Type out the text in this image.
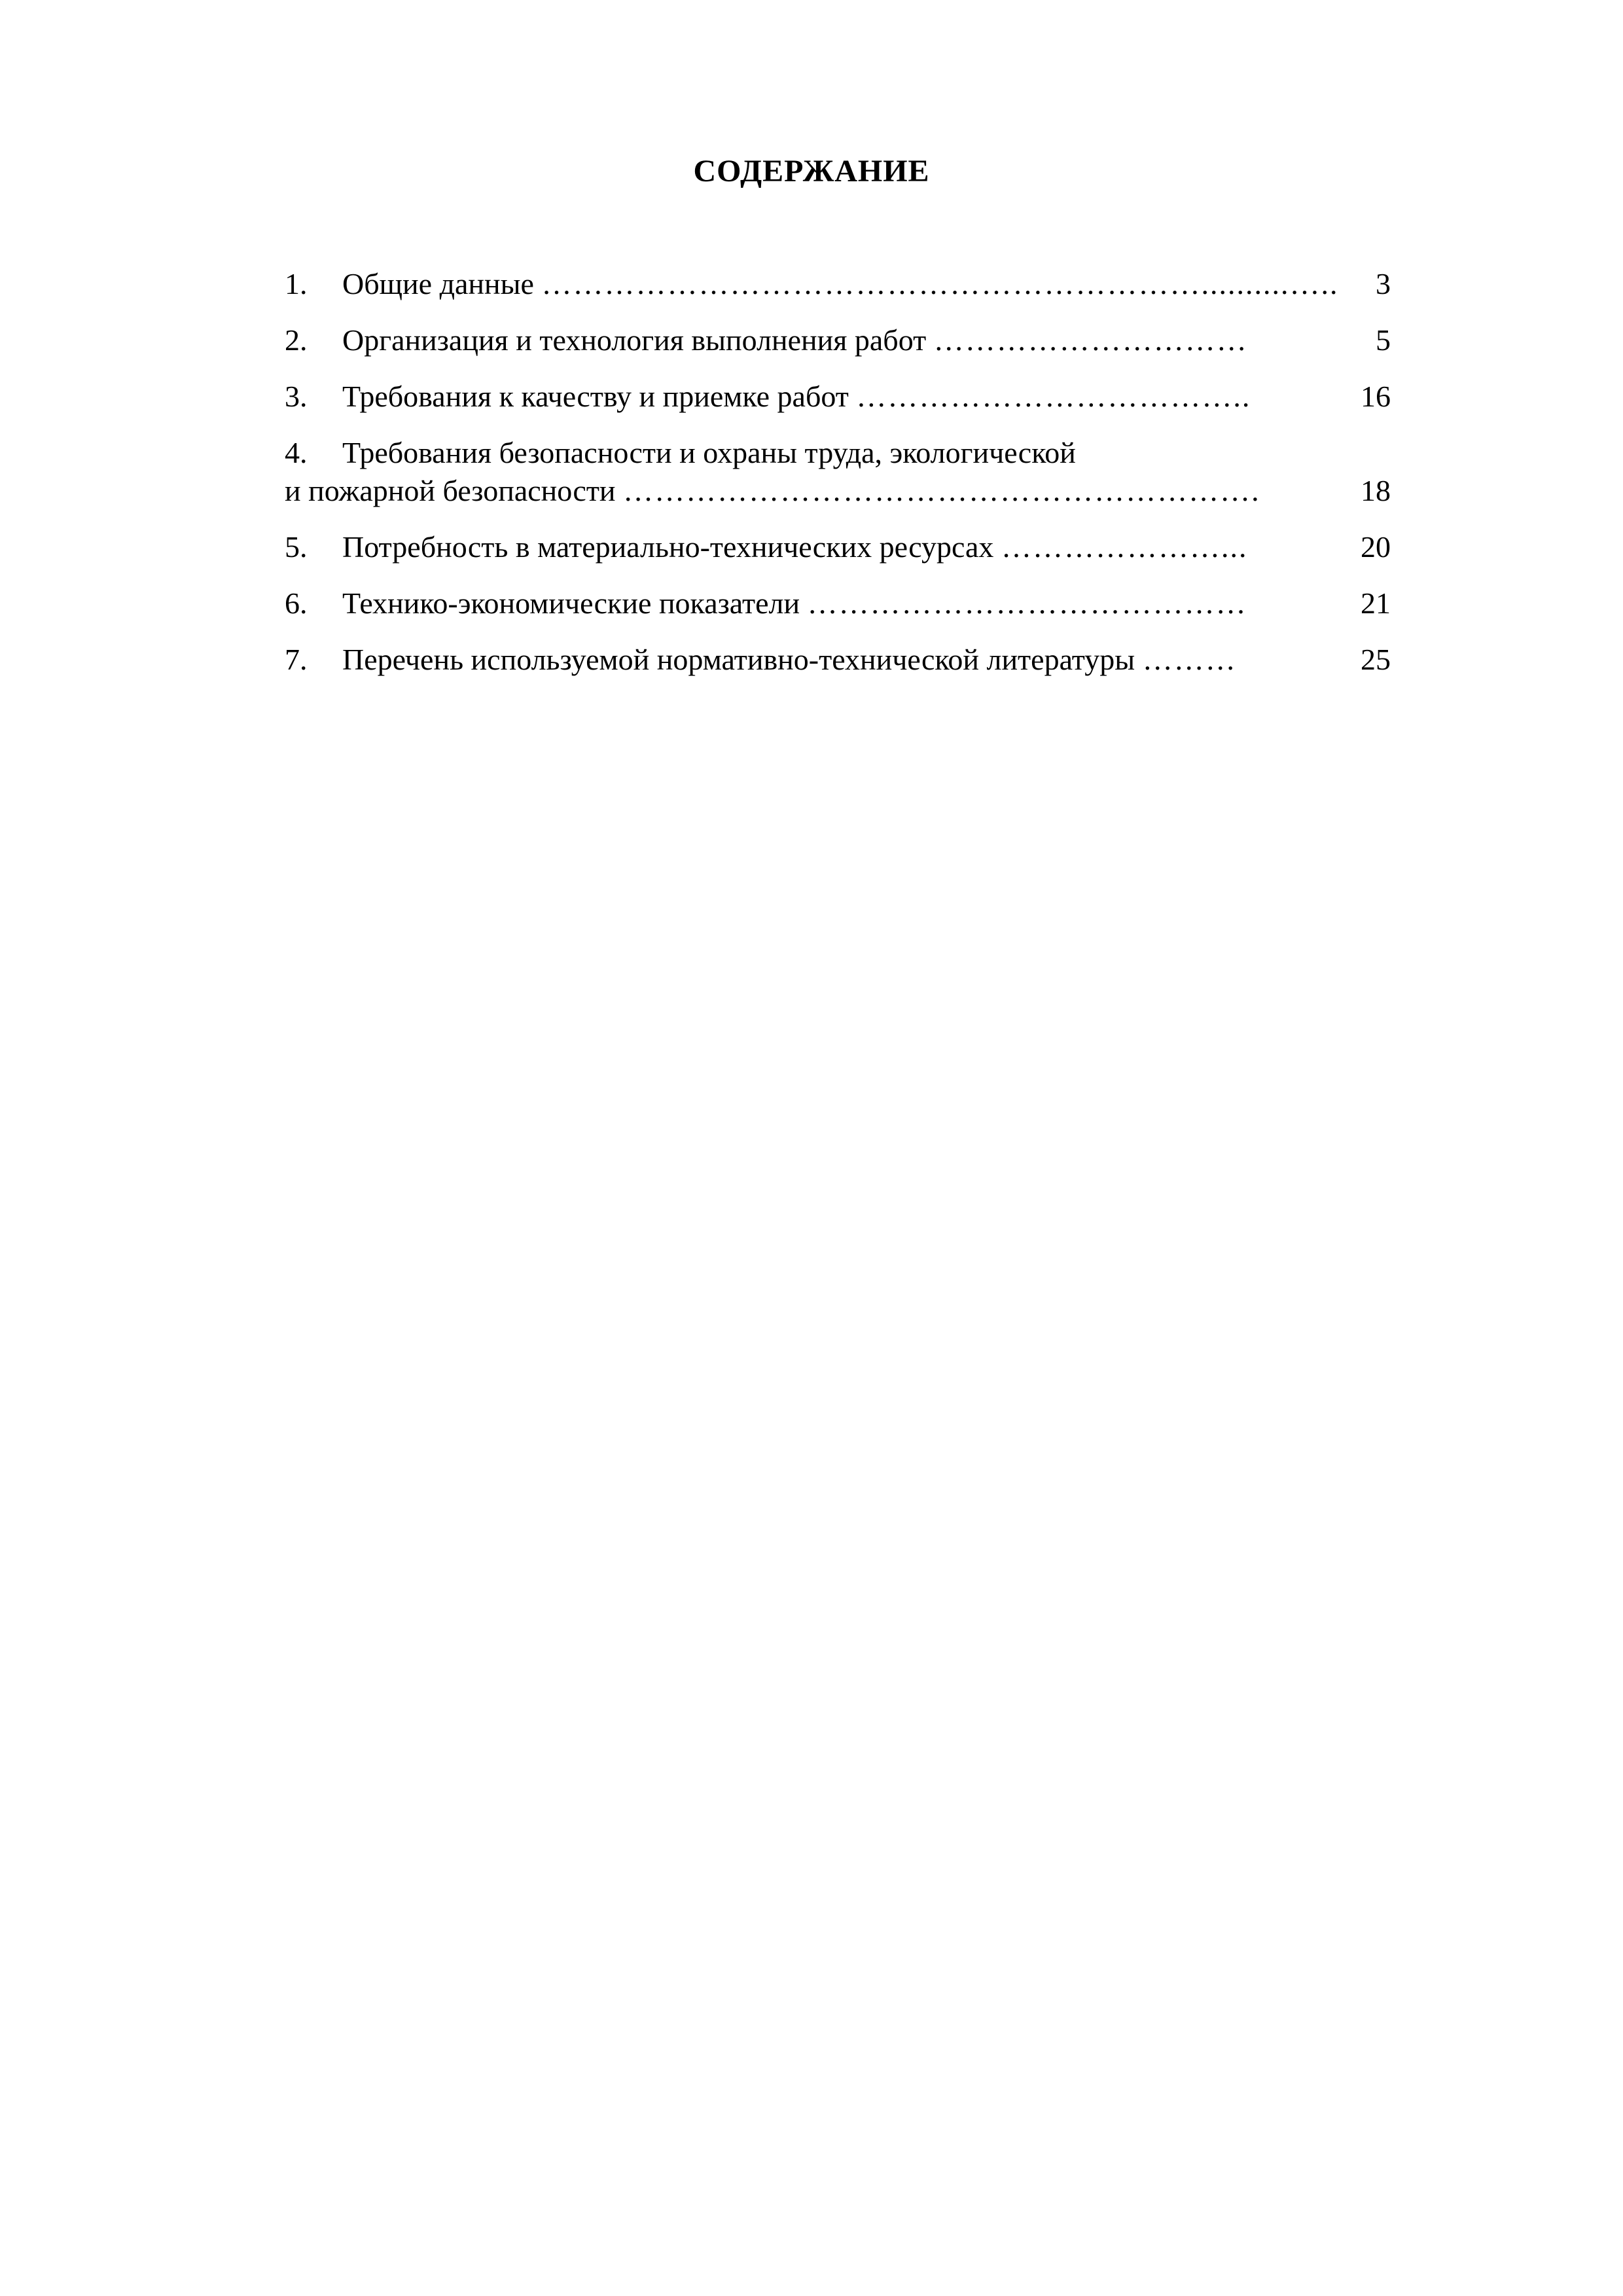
СОДЕРЖАНИЕ
1. Общие данные ………………………………………………………..........…..	3
2. Организация и технология выполнения работ …………………………	5
3. Требования к качеству и приемке работ ………………………………..	16
4. Требования безопасности и охраны труда, экологической
и пожарной безопасности …………………………………………………….	18
5. Потребность в материально-технических ресурсах …………………...	20
6. Технико-экономические показатели ……………………………………	21
7. Перечень используемой нормативно-технической литературы ………	25
